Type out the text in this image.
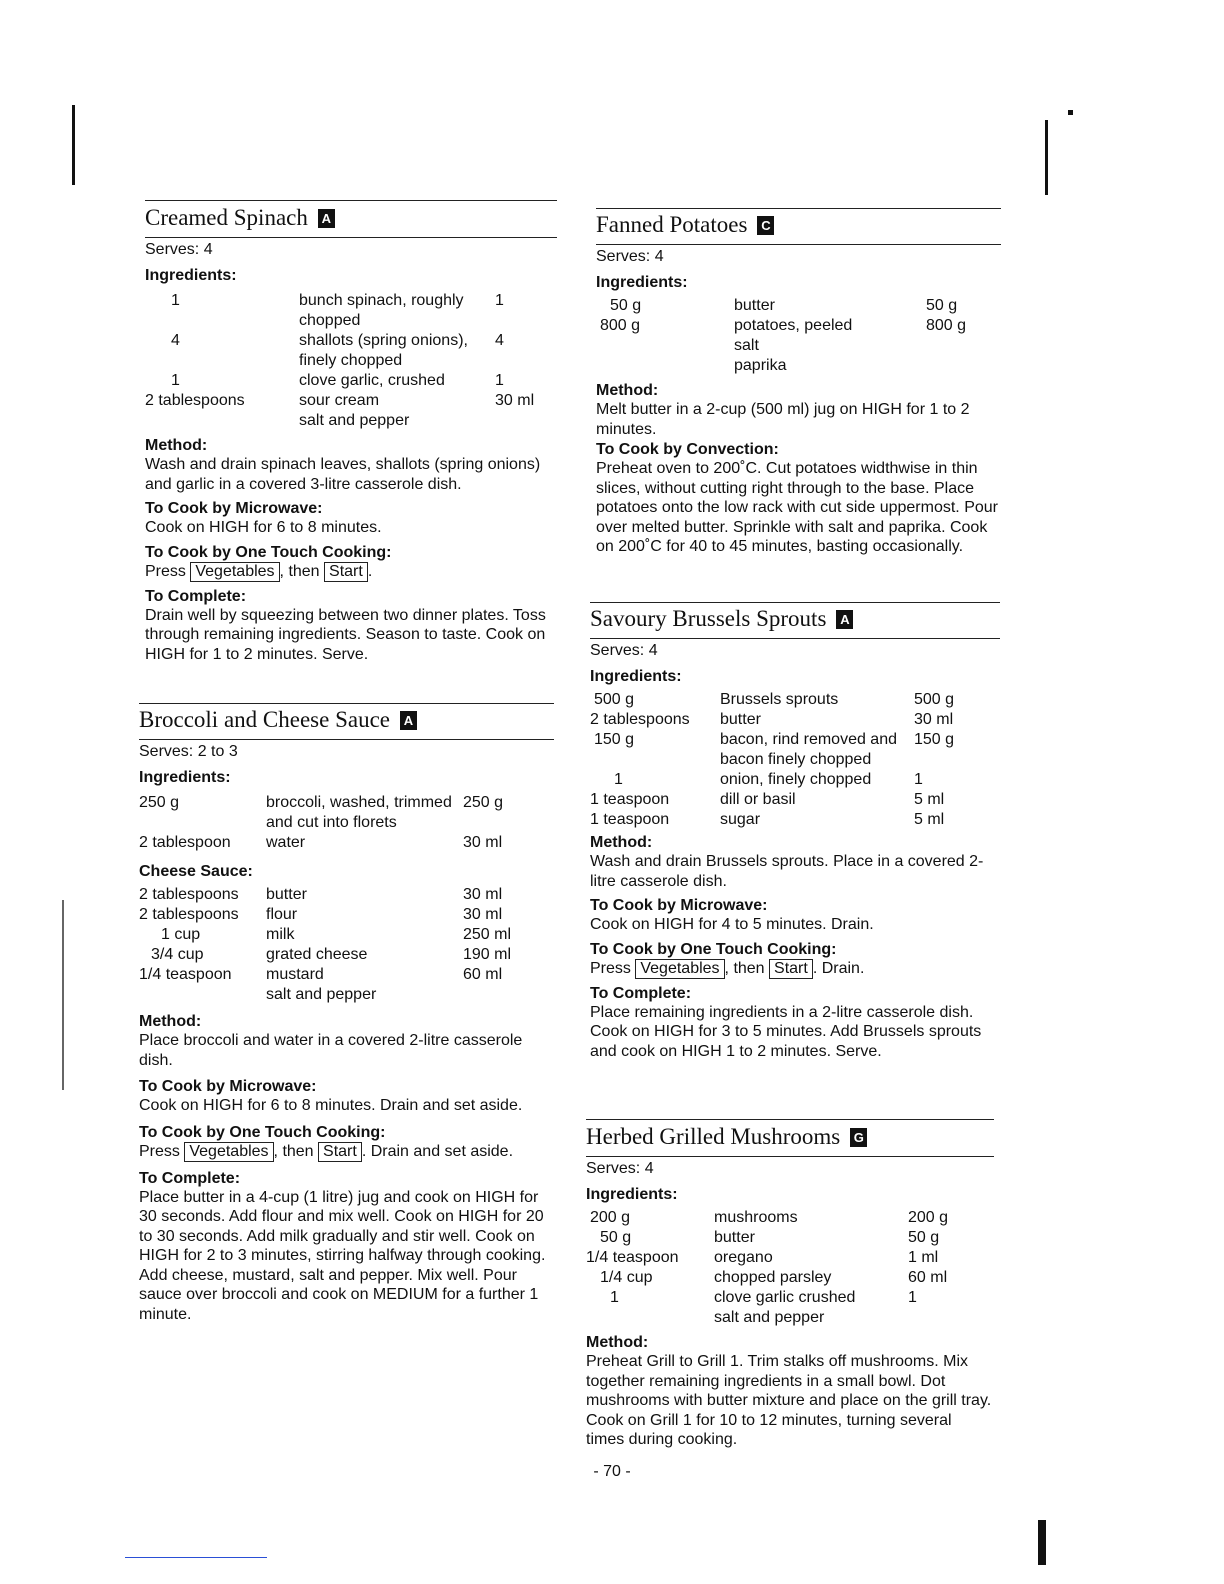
Creamed Spinach A
Serves: 4
Ingredients:
1	bunch spinach, roughly chopped	1
4	shallots (spring onions), finely chopped	4
1	clove garlic, crushed	1
2 tablespoons	sour cream	30 ml
	salt and pepper	
Method:
Wash and drain spinach leaves, shallots (spring onions) and garlic in a covered 3-litre casserole dish.
To Cook by Microwave:
Cook on HIGH for 6 to 8 minutes.
To Cook by One Touch Cooking:
Press Vegetables , then Start .
To Complete:
Drain well by squeezing between two dinner plates. Toss through remaining ingredients. Season to taste. Cook on HIGH for 1 to 2 minutes. Serve.
Broccoli and Cheese Sauce A
Serves: 2 to 3
Ingredients:
250 g	broccoli, washed, trimmed and cut into florets	250 g
2 tablespoon	water	30 ml
Cheese Sauce:
2 tablespoons	butter	30 ml
2 tablespoons	flour	30 ml
1 cup	milk	250 ml
3/4 cup	grated cheese	190 ml
1/4 teaspoon	mustard	60 ml
	salt and pepper	
Method:
Place broccoli and water in a covered 2-litre casserole dish.
To Cook by Microwave:
Cook on HIGH for 6 to 8 minutes. Drain and set aside.
To Cook by One Touch Cooking:
Press Vegetables , then Start . Drain and set aside.
To Complete:
Place butter in a 4-cup (1 litre) jug and cook on HIGH for 30 seconds. Add flour and mix well. Cook on HIGH for 20 to 30 seconds. Add milk gradually and stir well. Cook on HIGH for 2 to 3 minutes, stirring halfway through cooking. Add cheese, mustard, salt and pepper. Mix well. Pour sauce over broccoli and cook on MEDIUM for a further 1 minute.
Fanned Potatoes C
Serves: 4
Ingredients:
50 g	butter	50 g
800 g	potatoes, peeled	800 g
	salt	
	paprika	
Method:
Melt butter in a 2-cup (500 ml) jug on HIGH for 1 to 2 minutes.
To Cook by Convection:
Preheat oven to 200˚C. Cut potatoes widthwise in thin slices, without cutting right through to the base. Place potatoes onto the low rack with cut side uppermost. Pour over melted butter. Sprinkle with salt and paprika. Cook on 200˚C for 40 to 45 minutes, basting occasionally.
Savoury Brussels Sprouts A
Serves: 4
Ingredients:
500 g	Brussels sprouts	500 g
2 tablespoons	butter	30 ml
150 g	bacon, rind removed and bacon finely chopped	150 g
1	onion, finely chopped	1
1 teaspoon	dill or basil	5 ml
1 teaspoon	sugar	5 ml
Method:
Wash and drain Brussels sprouts. Place in a covered 2-litre casserole dish.
To Cook by Microwave:
Cook on HIGH for 4 to 5 minutes. Drain.
To Cook by One Touch Cooking:
Press Vegetables , then Start . Drain.
To Complete:
Place remaining ingredients in a 2-litre casserole dish. Cook on HIGH for 3 to 5 minutes. Add Brussels sprouts and cook on HIGH 1 to 2 minutes. Serve.
Herbed Grilled Mushrooms G
Serves: 4
Ingredients:
200 g	mushrooms	200 g
50 g	butter	50 g
1/4 teaspoon	oregano	1 ml
1/4 cup	chopped parsley	60 ml
1	clove garlic crushed	1
	salt and pepper	
Method:
Preheat Grill to Grill 1. Trim stalks off mushrooms. Mix together remaining ingredients in a small bowl. Dot mushrooms with butter mixture and place on the grill tray. Cook on Grill 1 for 10 to 12 minutes, turning several times during cooking.
- 70 -
